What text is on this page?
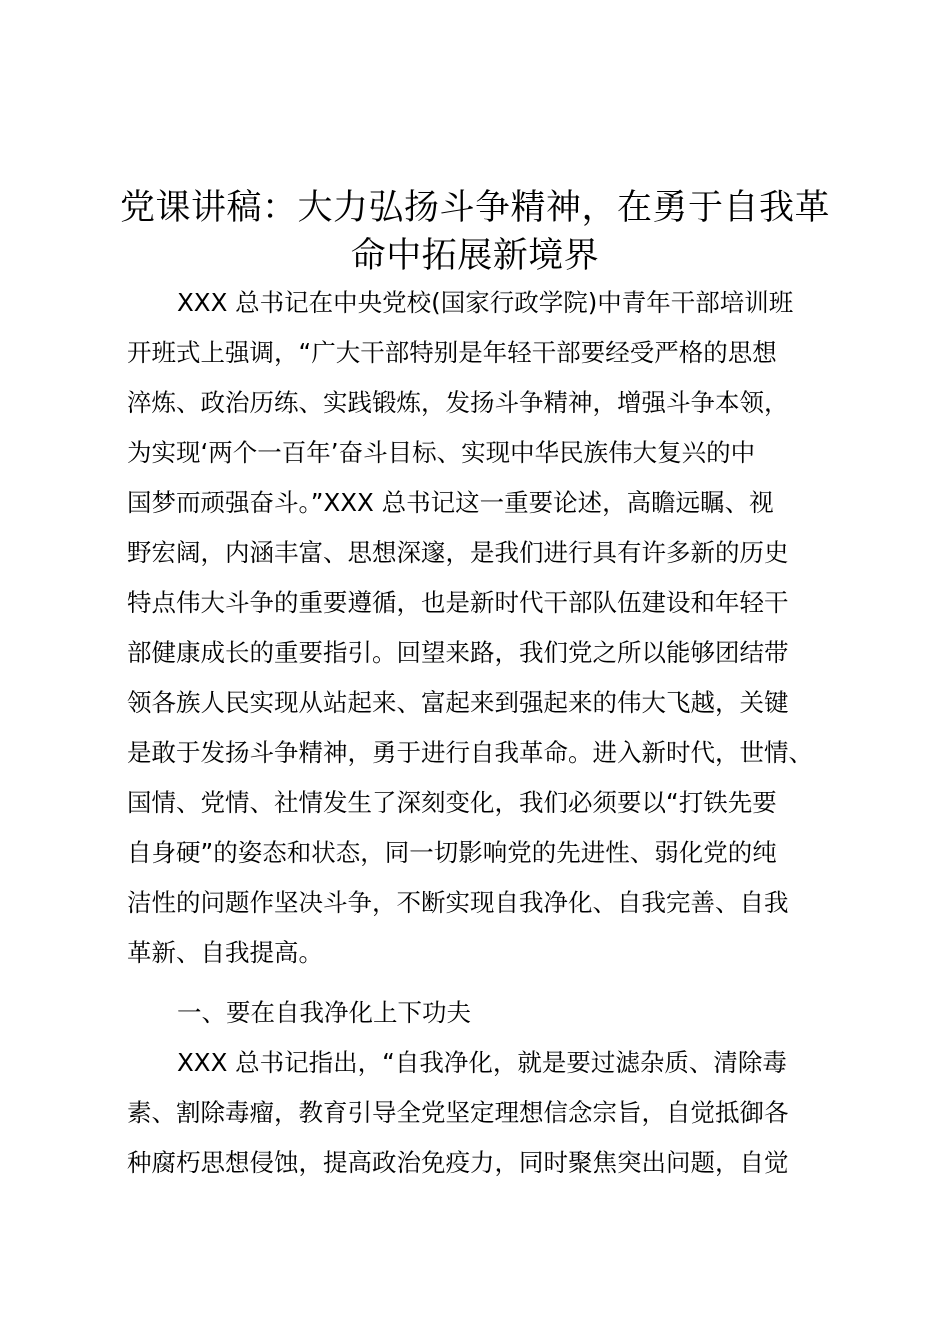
党课讲稿：大力弘扬斗争精神，在勇于自我革
命中拓展新境界
XXX 总书记在中央党校(国家行政学院)中青年干部培训班
开班式上强调，“广大干部特别是年轻干部要经受严格的思想
淬炼、政治历练、实践锻炼，发扬斗争精神，增强斗争本领，
为实现‘两个一百年’奋斗目标、实现中华民族伟大复兴的中
国梦而顽强奋斗。”XXX 总书记这一重要论述，高瞻远瞩、视
野宏阔，内涵丰富、思想深邃，是我们进行具有许多新的历史
特点伟大斗争的重要遵循，也是新时代干部队伍建设和年轻干
部健康成长的重要指引。回望来路，我们党之所以能够团结带
领各族人民实现从站起来、富起来到强起来的伟大飞越，关键
是敢于发扬斗争精神，勇于进行自我革命。进入新时代，世情、
国情、党情、社情发生了深刻变化，我们必须要以“打铁先要
自身硬”的姿态和状态，同一切影响党的先进性、弱化党的纯
洁性的问题作坚决斗争，不断实现自我净化、自我完善、自我
革新、自我提高。
一、要在自我净化上下功夫
XXX 总书记指出，“自我净化，就是要过滤杂质、清除毒
素、割除毒瘤，教育引导全党坚定理想信念宗旨，自觉抵御各
种腐朽思想侵蚀，提高政治免疫力，同时聚焦突出问题，自觉
